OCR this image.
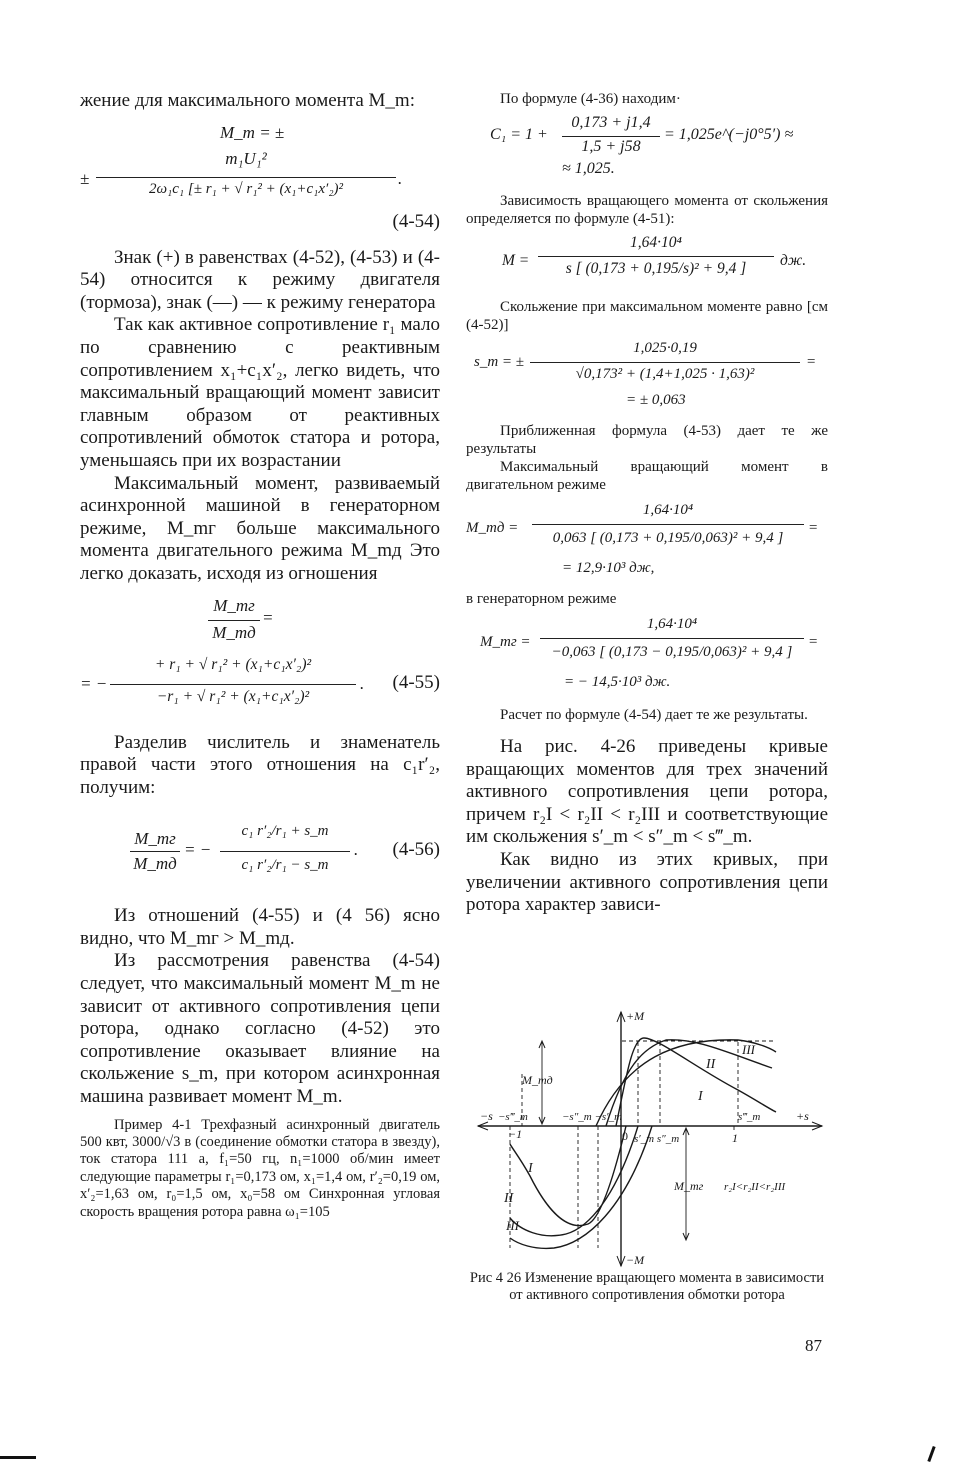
жение для максимального момента M_m:

M_m = ±
±
m₁U₁²
2ω₁c₁ [± r₁ + √ r₁² + (x₁+c₁x′₂)²
.
(4-54)

Знак (+) в равенствах (4-52), (4-53) и (4-54) относится к режиму двигателя (тормоза), знак (—) — к режиму генератора

Так как активное сопротивление r₁ мало по сравнению с реактивным сопротивлением x₁+c₁x′₂, легко видеть, что максимальный вращающий момент зависит главным образом от реактивных сопротивлений обмоток статора и ротора, уменьшаясь при их возрастании

Максимальный момент, развиваемый асинхронной машиной в генераторном режиме, M_mг больше максимального момента двигательного режима M_mд Это легко доказать, исходя из огношения

M_mг
M_mд
=
= −
+ r₁ + √ r₁² + (x₁+c₁x′₂)²
−r₁ + √ r₁² + (x₁+c₁x′₂)²
. (4-55)

Разделив числитель и знаменатель правой части этого отношения на c₁r′₂, получим:

M_mг
M_mд
= −
c₁ r′₂/r₁ + s_m
c₁ r′₂/r₁ − s_m
. (4-56)

Из отношений (4-55) и (4 56) ясно видно, что M_mг > M_mд.

Из рассмотрения равенства (4-54) следует, что максимальный момент M_m не зависит от активного сопротивления цепи ротора, однако согласно (4-52) это сопротивление оказывает влияние на скольжение s_m, при котором асинхронная машина развивает момент M_m.

Пример 4-1 Трехфазный асинхронный двигатель 500 квт, 3000/√3 в (соединение обмотки статора в звезду), ток статора 111 а, f₁=50 гц, n₁=1000 об/мин имеет следующие параметры r₁=0,173 ом, x₁=1,4 ом, r′₂=0,19 ом, x′₂=1,63 ом, r₀=1,5 ом, x₀=58 ом Синхронная угловая скорость вращения ротора равна ω₁=105

По формуле (4-36) находим·

C₁ = 1 +
0,173 + j1,4
1,5 + j58
= 1,025e^(−j0°5′) ≈
≈ 1,025.

Зависимость вращающего момента от скольжения определяется по формуле (4-51):

M =
1,64·10⁴
s [ (0,173 + 0,195/s)² + 9,4 ]	дж.

Скольжение при максимальном моменте равно [см (4-52)]

s_m = ±
1,025·0,19
√0,173² + (1,4+1,025 · 1,63)²
=
= ± 0,063

Приближенная формула (4-53) дает те же результаты

Максимальный вращающий момент в двигательном режиме

M_mд =
1,64·10⁴
0,063 [ (0,173 + 0,195/0,063)² + 9,4 ]
=
= 12,9·10³ дж,

в генераторном режиме

M_mг =
1,64·10⁴
−0,063 [ (0,173 − 0,195/0,063)² + 9,4 ]
=
= − 14,5·10³ дж.

Расчет по формуле (4-54) дает те же результаты.

На рис. 4-26 приведены кривые вращающих моментов для трех значений активного сопротивления цепи ротора, причем r₂I < r₂II < r₂III и соответствующие им скольжения s′_m < s″_m < s‴_m.

Как видно из этих кривых, при увеличении активного сопротивления цепи ротора характер зависи-

+M
−M
+s
−s
M_mд
M_mг
0
−1	1
−s‴_m	−s″_m −s′_m
s′_m s″_m
s‴_m
I
II
III
I
II
III
r₂I<r₂II<r₂III
Рис 4 26 Изменение вращающего момента в зависимости от активного сопротивления обмотки ротора
87
